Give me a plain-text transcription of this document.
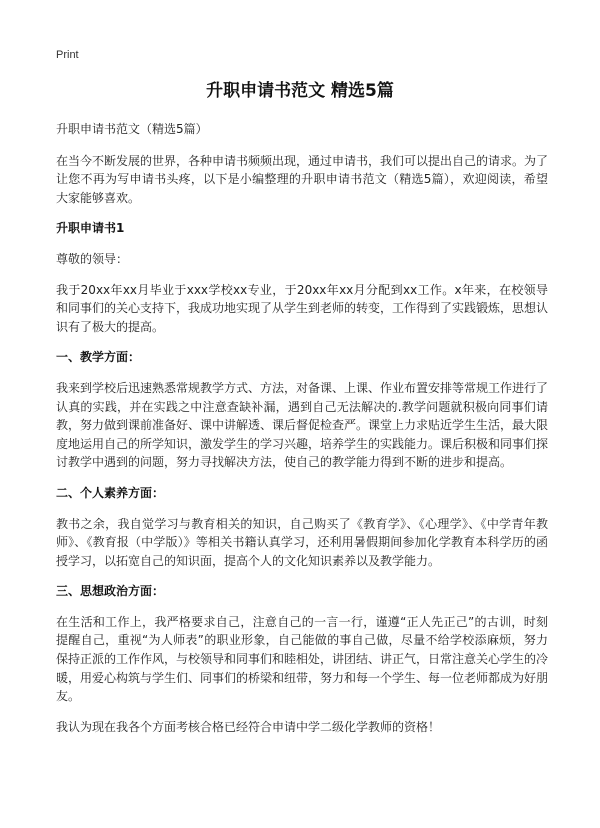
Print
升职申请书范文 精选5篇

升职申请书范文（精选5篇）

在当今不断发展的世界，各种申请书频频出现，通过申请书，我们可以提出自己的请求。为了让您不再为写申请书头疼，以下是小编整理的升职申请书范文（精选5篇），欢迎阅读，希望大家能够喜欢。

升职申请书1

尊敬的领导：

我于20xx年xx月毕业于xxx学校xx专业，于20xx年xx月分配到xx工作。x年来，在校领导和同事们的关心支持下，我成功地实现了从学生到老师的转变，工作得到了实践锻炼，思想认识有了极大的提高。

一、教学方面：

我来到学校后迅速熟悉常规教学方式、方法，对备课、上课、作业布置安排等常规工作进行了认真的实践，并在实践之中注意查缺补漏，遇到自己无法解决的.教学问题就积极向同事们请教，努力做到课前准备好、课中讲解透、课后督促检查严。课堂上力求贴近学生生活，最大限度地运用自己的所学知识，激发学生的学习兴趣，培养学生的实践能力。课后积极和同事们探讨教学中遇到的问题，努力寻找解决方法，使自己的教学能力得到不断的进步和提高。

二、个人素养方面：

教书之余，我自觉学习与教育相关的知识，自己购买了《教育学》、《心理学》、《中学青年教师》、《教育报（中学版）》等相关书籍认真学习，还利用暑假期间参加化学教育本科学历的函授学习，以拓宽自己的知识面，提高个人的文化知识素养以及教学能力。

三、思想政治方面：

在生活和工作上，我严格要求自己，注意自己的一言一行，谨遵“正人先正己”的古训，时刻提醒自己，重视“为人师表”的职业形象，自己能做的事自己做，尽量不给学校添麻烦，努力保持正派的工作作风，与校领导和同事们和睦相处，讲团结、讲正气，日常注意关心学生的冷暖，用爱心构筑与学生们、同事们的桥梁和纽带，努力和每一个学生、每一位老师都成为好朋友。

我认为现在我各个方面考核合格已经符合申请中学二级化学教师的资格！
